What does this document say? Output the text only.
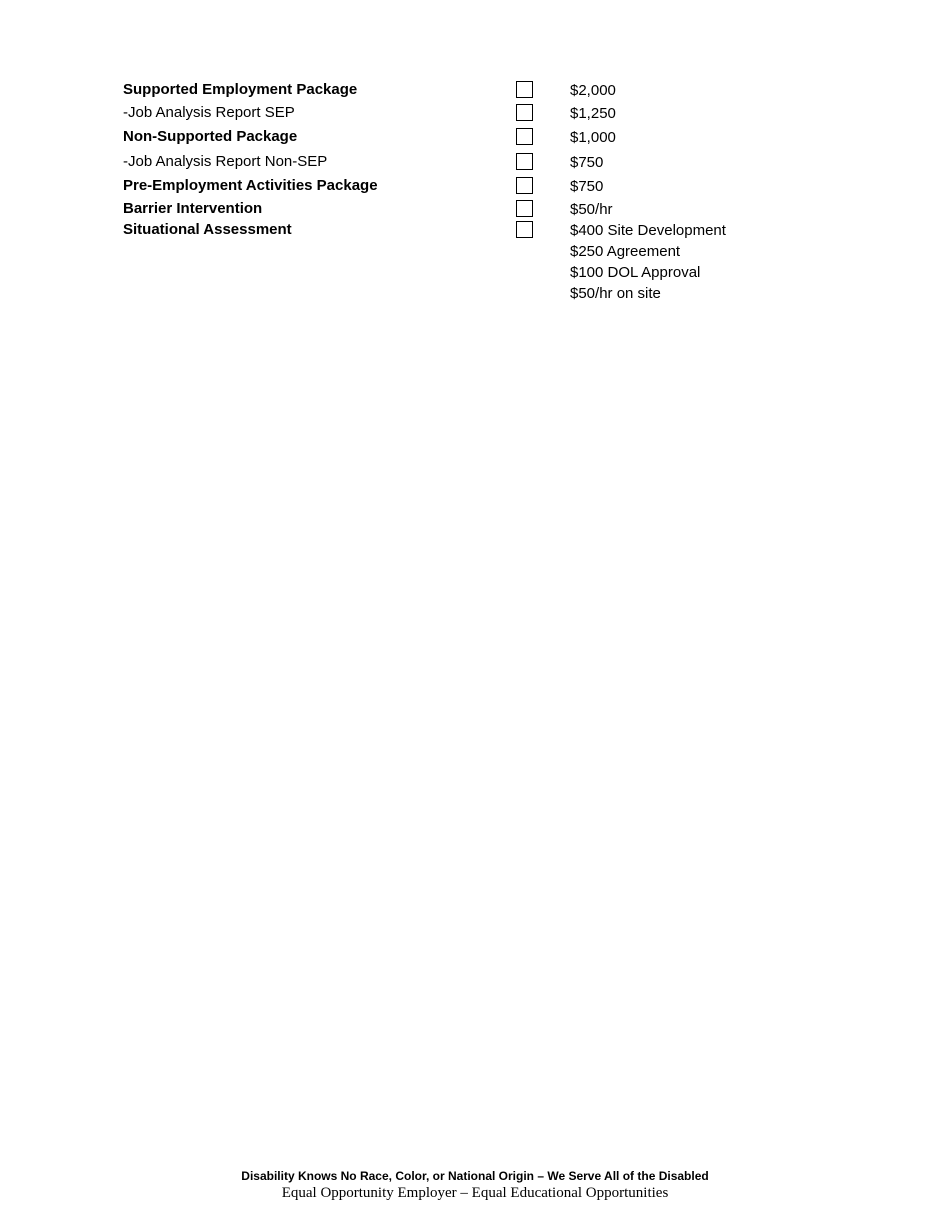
Supported Employment Package	$2,000
-Job Analysis Report SEP	$1,250
Non-Supported Package	$1,000
-Job Analysis Report Non-SEP	$750
Pre-Employment Activities Package	$750
Barrier Intervention	$50/hr
Situational Assessment	$400 Site Development
$250 Agreement
$100 DOL Approval
$50/hr on site
Disability Knows No Race, Color, or National Origin – We Serve All of the Disabled
Equal Opportunity Employer – Equal Educational Opportunities
